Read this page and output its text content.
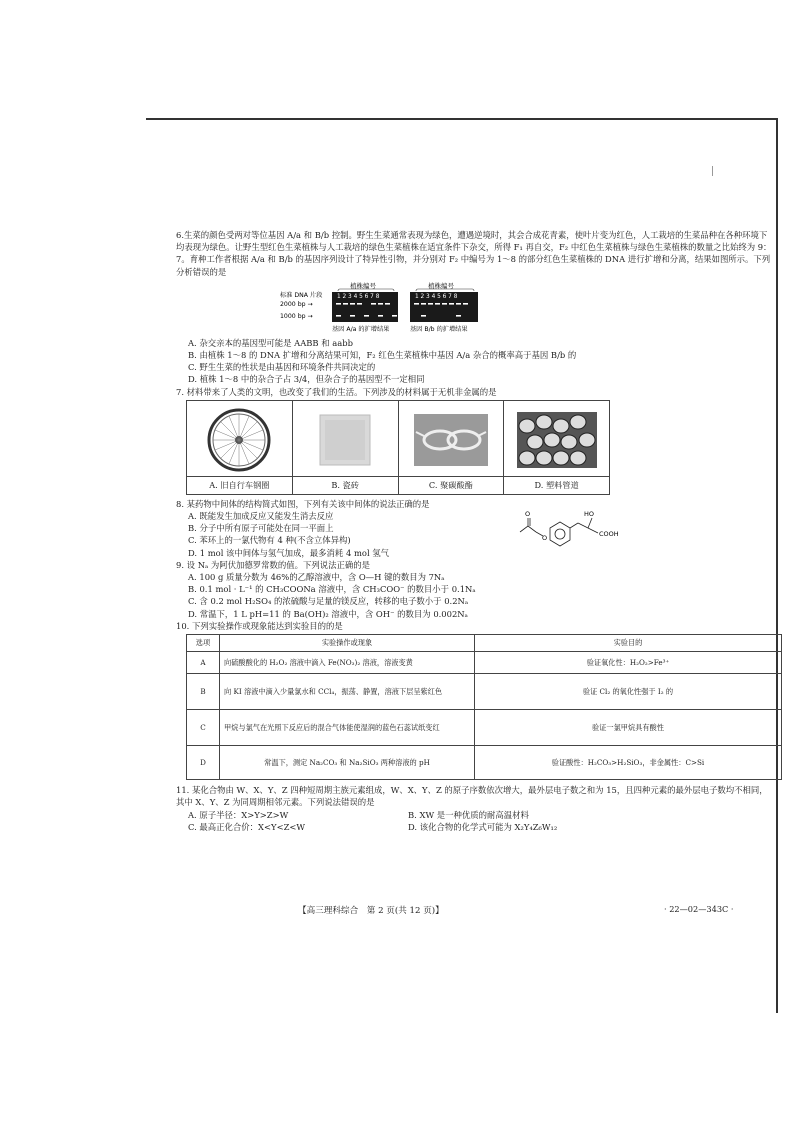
6.生菜的颜色受两对等位基因 A/a 和 B/b 控制。野生生菜通常表现为绿色，遭遇逆境时，其会合成花青素，使叶片变为红色，人工栽培的生菜品种在各种环境下均表现为绿色。让野生型红色生菜植株与人工栽培的绿色生菜植株在适宜条件下杂交，所得 F₁ 再自交，F₂ 中红色生菜植株与绿色生菜植株的数量之比始终为 9：

7。育种工作者根据 A/a 和 B/b 的基因序列设计了特异性引物，并分别对 F₂ 中编号为 1～8 的部分红色生菜植株的 DNA 进行扩增和分离，结果如图所示。下列分析错误的是

植株编号	植株编号
标准 DNA 片段	1 2 3 4 5 6 7 8	1 2 3 4 5 6 7 8
2000 bp →
1000 bp →
基因 A/a 的扩增结果	基因 B/b 的扩增结果

A. 杂交亲本的基因型可能是 AABB 和 aabb

B. 由植株 1～8 的 DNA 扩增和分离结果可知，F₂ 红色生菜植株中基因 A/a 杂合的概率高于基因 B/b 的

C. 野生生菜的性状是由基因和环境条件共同决定的

D. 植株 1～8 中的杂合子占 3/4，但杂合子的基因型不一定相同

7. 材料带来了人类的文明，也改变了我们的生活。下列涉及的材料属于无机非金属的是

A. 旧自行车钢圈	B. 瓷砖	C. 聚碳酸酯	D. 塑料管道

8. 某药物中间体的结构简式如图，下列有关该中间体的说法正确的是

O
O
HO
COOH

A. 既能发生加成反应又能发生消去反应

B. 分子中所有原子可能处在同一平面上

C. 苯环上的一氯代物有 4 种(不含立体异构)

D. 1 mol 该中间体与氢气加成，最多消耗 4 mol 氢气

9. 设 Nₐ 为阿伏加德罗常数的值。下列说法正确的是

A. 100 g 质量分数为 46%的乙醇溶液中，含 O—H 键的数目为 7Nₐ

B. 0.1 mol · L⁻¹ 的 CH₃COONa 溶液中，含 CH₃COO⁻ 的数目小于 0.1Nₐ

C. 含 0.2 mol H₂SO₄ 的浓硫酸与足量的镁反应，转移的电子数小于 0.2Nₐ

D. 常温下，1 L pH=11 的 Ba(OH)₂ 溶液中，含 OH⁻ 的数目为 0.002Nₐ

10. 下列实验操作或现象能达到实验目的的是

选项	实验操作或现象	实验目的
A	向硫酸酸化的 H₂O₂ 溶液中滴入 Fe(NO₃)₂ 溶液，溶液变黄	验证氧化性：H₂O₂>Fe³⁺
B	向 KI 溶液中滴入少量氯水和 CCl₄，振荡、静置，溶液下层呈紫红色	验证 Cl₂ 的氧化性强于 I₂ 的
C	甲烷与氯气在光照下反应后的混合气体能使湿润的蓝色石蕊试纸变红	验证一氯甲烷具有酸性
D	常温下，测定 Na₂CO₃ 和 Na₂SiO₃ 两种溶液的 pH	验证酸性：H₂CO₃>H₂SiO₃，非金属性：C>Si

11. 某化合物由 W、X、Y、Z 四种短周期主族元素组成，W、X、Y、Z 的原子序数依次增大，最外层电子数之和为 15，且四种元素的最外层电子数均不相同，其中 X、Y、Z 为同周期相邻元素。下列说法错误的是

A. 原子半径：X>Y>Z>W	B. XW 是一种优质的耐高温材料
C. 最高正化合价：X<Y<Z<W	D. 该化合物的化学式可能为 X₂Y₄Z₆W₁₂
【高三理科综合　第 2 页(共 12 页)】	· 22—02—343C ·
